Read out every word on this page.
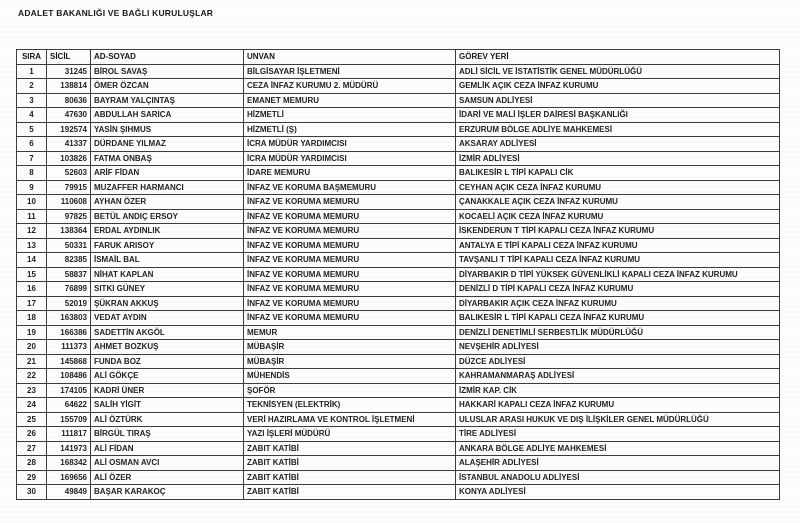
ADALET BAKANLIĞI VE BAĞLI KURULUŞLAR
SIRA	SİCİL	AD-SOYAD	UNVAN	GÖREV YERİ
1	31245	BİROL SAVAŞ	BİLGİSAYAR İŞLETMENİ	ADLİ SİCİL VE İSTATİSTİK GENEL MÜDÜRLÜĞÜ
2	138814	ÖMER ÖZCAN	CEZA İNFAZ KURUMU 2. MÜDÜRÜ	GEMLİK AÇIK CEZA İNFAZ KURUMU
3	80636	BAYRAM YALÇINTAŞ	EMANET MEMURU	SAMSUN ADLİYESİ
4	47630	ABDULLAH SARICA	HİZMETLİ	İDARİ VE MALİ İŞLER DAİRESİ BAŞKANLIĞI
5	192574	YASİN ŞIHMUS	HİZMETLİ (Ş)	ERZURUM BÖLGE ADLİYE MAHKEMESİ
6	41337	DÜRDANE YILMAZ	İCRA MÜDÜR YARDIMCISI	AKSARAY ADLİYESİ
7	103826	FATMA ONBAŞ	İCRA MÜDÜR YARDIMCISI	İZMİR ADLİYESİ
8	52603	ARİF FİDAN	İDARE MEMURU	BALIKESİR L TİPİ KAPALI CİK
9	79915	MUZAFFER HARMANCI	İNFAZ VE KORUMA BAŞMEMURU	CEYHAN AÇIK CEZA İNFAZ KURUMU
10	110608	AYHAN ÖZER	İNFAZ VE KORUMA MEMURU	ÇANAKKALE AÇIK CEZA İNFAZ KURUMU
11	97825	BETÜL ANDIÇ ERSOY	İNFAZ VE KORUMA MEMURU	KOCAELİ AÇIK CEZA İNFAZ KURUMU
12	138364	ERDAL AYDINLIK	İNFAZ VE KORUMA MEMURU	İSKENDERUN T TİPİ KAPALI CEZA İNFAZ KURUMU
13	50331	FARUK ARISOY	İNFAZ VE KORUMA MEMURU	ANTALYA E TİPİ KAPALI CEZA İNFAZ KURUMU
14	82385	İSMAİL BAL	İNFAZ VE KORUMA MEMURU	TAVŞANLI T TİPİ KAPALI CEZA İNFAZ KURUMU
15	58837	NİHAT KAPLAN	İNFAZ VE KORUMA MEMURU	DİYARBAKIR D TİPİ YÜKSEK GÜVENLİKLİ KAPALI CEZA İNFAZ KURUMU
16	76899	SITKI GÜNEY	İNFAZ VE KORUMA MEMURU	DENİZLİ D TİPİ KAPALI CEZA İNFAZ KURUMU
17	52019	ŞÜKRAN AKKUŞ	İNFAZ VE KORUMA MEMURU	DİYARBAKIR AÇIK CEZA İNFAZ KURUMU
18	163803	VEDAT AYDIN	İNFAZ VE KORUMA MEMURU	BALIKESİR L TİPİ KAPALI CEZA İNFAZ KURUMU
19	166386	SADETTİN AKGÖL	MEMUR	DENİZLİ DENETİMLİ SERBESTLİK MÜDÜRLÜĞÜ
20	111373	AHMET BOZKUŞ	MÜBAŞİR	NEVŞEHİR ADLİYESİ
21	145868	FUNDA BOZ	MÜBAŞİR	DÜZCE ADLİYESİ
22	108486	ALİ GÖKÇE	MÜHENDİS	KAHRAMANMARAŞ ADLİYESİ
23	174105	KADRİ ÜNER	ŞOFÖR	İZMİR KAP. CİK
24	64622	SALİH YİGİT	TEKNİSYEN (ELEKTRİK)	HAKKARİ KAPALI CEZA İNFAZ KURUMU
25	155709	ALİ ÖZTÜRK	VERİ HAZIRLAMA VE KONTROL İŞLETMENİ	ULUSLAR ARASI HUKUK VE DIŞ İLİŞKİLER GENEL MÜDÜRLÜĞÜ
26	111817	BİRGÜL TIRAŞ	YAZI İŞLERİ MÜDÜRÜ	TİRE ADLİYESİ
27	141973	ALİ FİDAN	ZABIT KATİBİ	ANKARA BÖLGE ADLİYE MAHKEMESİ
28	168342	ALİ OSMAN AVCI	ZABIT KATİBİ	ALAŞEHİR ADLİYESİ
29	169656	ALİ ÖZER	ZABIT KATİBİ	İSTANBUL ANADOLU ADLİYESİ
30	49849	BAŞAR KARAKOÇ	ZABIT KATİBİ	KONYA ADLİYESİ
